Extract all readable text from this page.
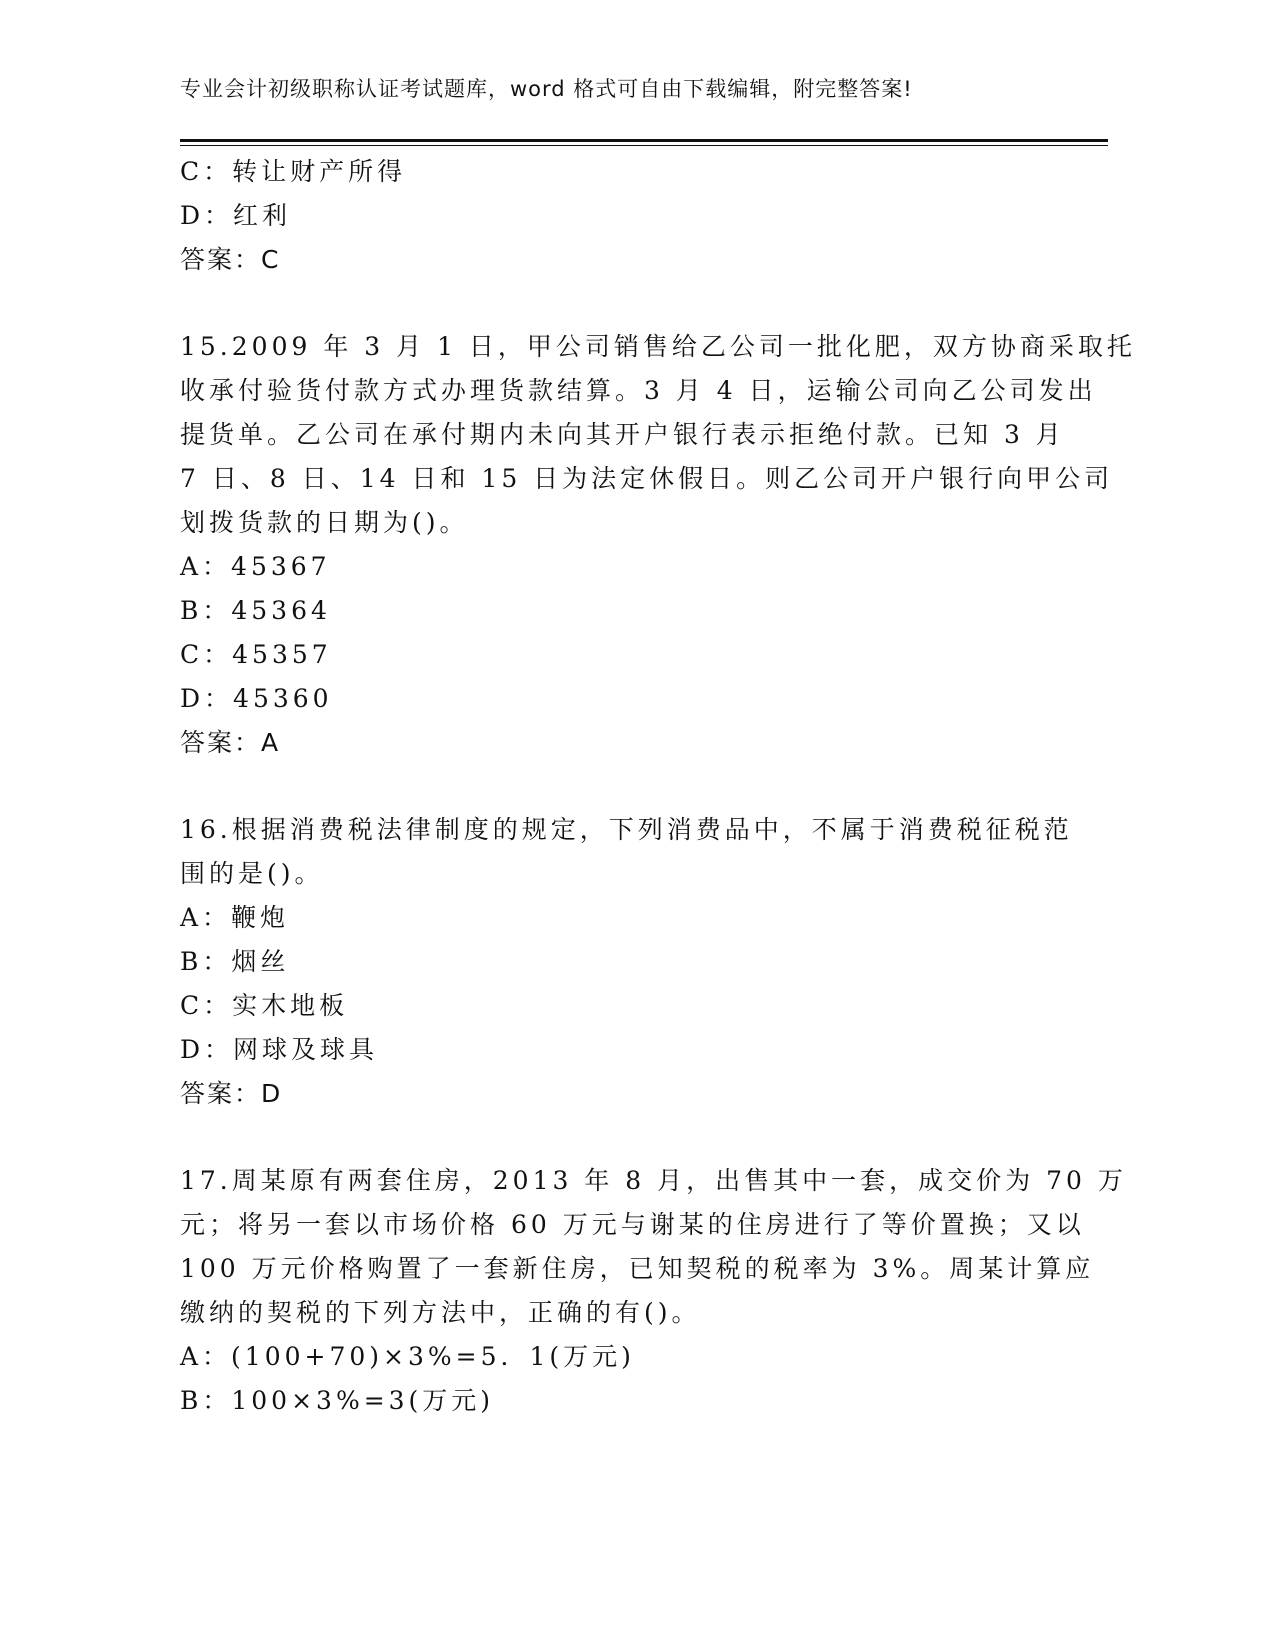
专业会计初级职称认证考试题库，word 格式可自由下载编辑，附完整答案!
C：转让财产所得
D：红利
答案：C
15.2009 年 3 月 1 日，甲公司销售给乙公司一批化肥，双方协商采取托
收承付验货付款方式办理货款结算。3 月 4 日，运输公司向乙公司发出
提货单。乙公司在承付期内未向其开户银行表示拒绝付款。已知 3 月
7 日、8 日、14 日和 15 日为法定休假日。则乙公司开户银行向甲公司
划拨货款的日期为()。
A：45367
B：45364
C：45357
D：45360
答案：A
16.根据消费税法律制度的规定，下列消费品中，不属于消费税征税范
围的是()。
A：鞭炮
B：烟丝
C：实木地板
D：网球及球具
答案：D
17.周某原有两套住房，2013 年 8 月，出售其中一套，成交价为 70 万
元；将另一套以市场价格 60 万元与谢某的住房进行了等价置换；又以
100 万元价格购置了一套新住房，已知契税的税率为 3%。周某计算应
缴纳的契税的下列方法中，正确的有()。
A：(100+70)×3%=5．1(万元)
B：100×3%=3(万元)
